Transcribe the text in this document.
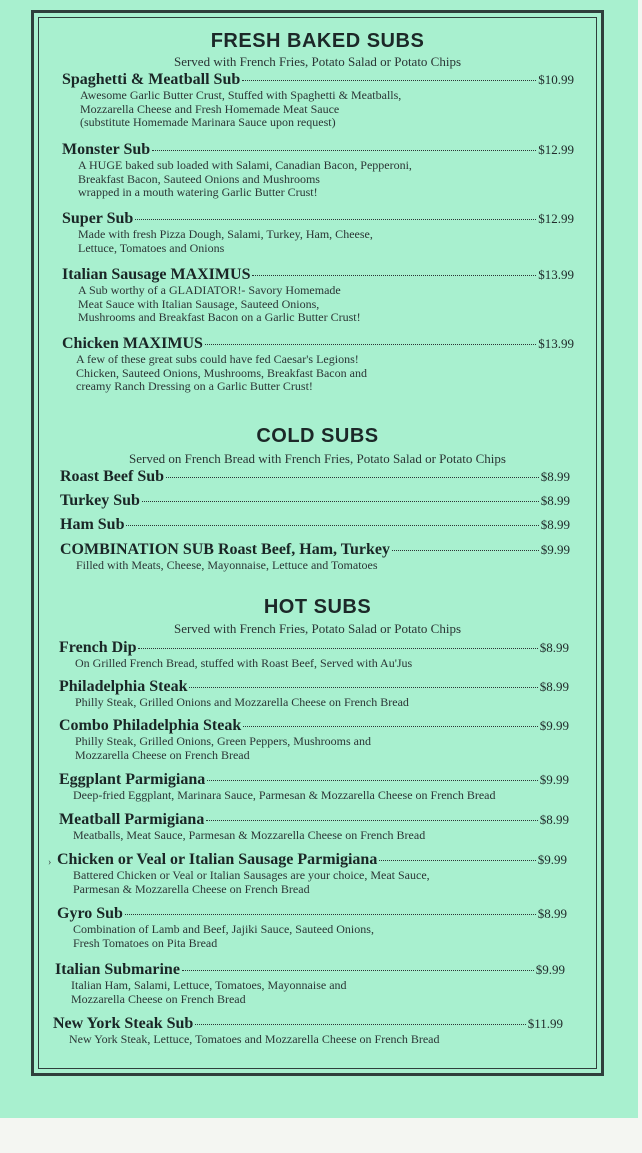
FRESH BAKED SUBS

Served with French Fries, Potato Salad or Potato Chips

Spaghetti & Meatball Sub	$10.99
Awesome Garlic Butter Crust, Stuffed with Spaghetti & Meatballs,
Mozzarella Cheese and Fresh Homemade Meat Sauce
(substitute Homemade Marinara Sauce upon request)
Monster Sub	$12.99
A HUGE baked sub loaded with Salami, Canadian Bacon, Pepperoni,
Breakfast Bacon, Sauteed Onions and Mushrooms
wrapped in a mouth watering Garlic Butter Crust!
Super Sub	$12.99
Made with fresh Pizza Dough, Salami, Turkey, Ham, Cheese,
Lettuce, Tomatoes and Onions
Italian Sausage MAXIMUS	$13.99
A Sub worthy of a GLADIATOR!- Savory Homemade
Meat Sauce with Italian Sausage, Sauteed Onions,
Mushrooms and Breakfast Bacon on a Garlic Butter Crust!
Chicken MAXIMUS	$13.99
A few of these great subs could have fed Caesar's Legions!
Chicken, Sauteed Onions, Mushrooms, Breakfast Bacon and
creamy Ranch Dressing on a Garlic Butter Crust!
COLD SUBS

Served on French Bread with French Fries, Potato Salad or Potato Chips

Roast Beef Sub	$8.99
Turkey Sub	$8.99
Ham Sub	$8.99
COMBINATION SUB Roast Beef, Ham, Turkey	$9.99
Filled with Meats, Cheese, Mayonnaise, Lettuce and Tomatoes
HOT SUBS

Served with French Fries, Potato Salad or Potato Chips

French Dip	$8.99
On Grilled French Bread, stuffed with Roast Beef, Served with Au'Jus
Philadelphia Steak	$8.99
Philly Steak, Grilled Onions and Mozzarella Cheese on French Bread
Combo Philadelphia Steak	$9.99
Philly Steak, Grilled Onions, Green Peppers, Mushrooms and
Mozzarella Cheese on French Bread
Eggplant Parmigiana	$9.99
Deep-fried Eggplant, Marinara Sauce, Parmesan & Mozzarella Cheese on French Bread
Meatball Parmigiana	$8.99
Meatballs, Meat Sauce, Parmesan & Mozzarella Cheese on French Bread
Chicken or Veal or Italian Sausage Parmigiana	$9.99
Battered Chicken or Veal or Italian Sausages are your choice, Meat Sauce,
Parmesan & Mozzarella Cheese on French Bread
Gyro Sub	$8.99
Combination of Lamb and Beef, Jajiki Sauce, Sauteed Onions,
Fresh Tomatoes on Pita Bread
Italian Submarine	$9.99
Italian Ham, Salami, Lettuce, Tomatoes, Mayonnaise and
Mozzarella Cheese on French Bread
New York Steak Sub	$11.99
New York Steak, Lettuce, Tomatoes and Mozzarella Cheese on French Bread
›
